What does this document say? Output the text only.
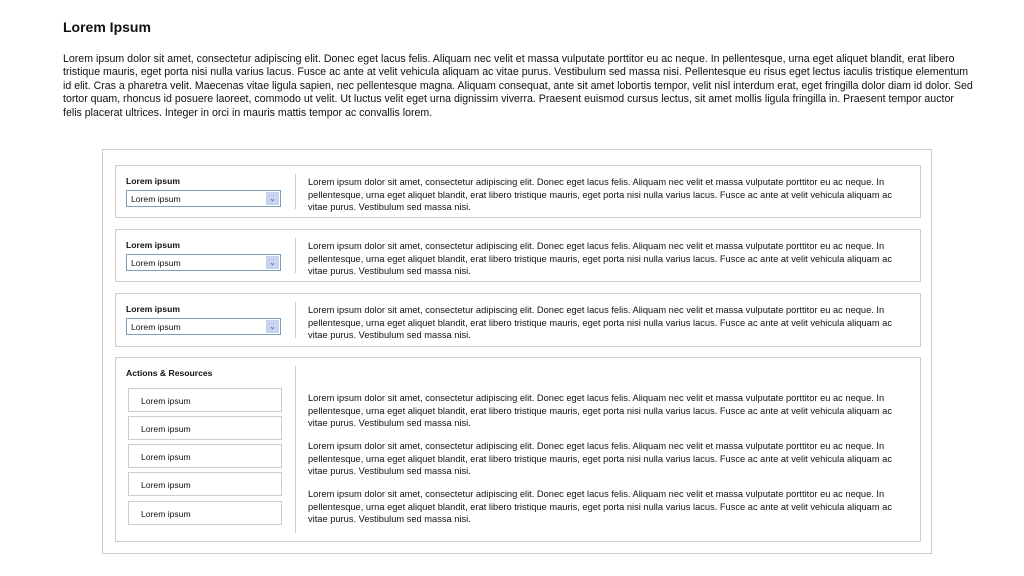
Lorem Ipsum
Lorem ipsum dolor sit amet, consectetur adipiscing elit. Donec eget lacus felis. Aliquam nec velit et massa vulputate porttitor eu ac neque. In pellentesque, urna eget aliquet blandit, erat libero tristique mauris, eget porta nisi nulla varius lacus. Fusce ac ante at velit vehicula aliquam ac vitae purus. Vestibulum sed massa nisi. Pellentesque eu risus eget lectus iaculis tristique elementum id elit. Cras a pharetra velit. Maecenas vitae ligula sapien, nec pellentesque magna. Aliquam consequat, ante sit amet lobortis tempor, velit nisl interdum erat, eget fringilla dolor diam id dolor. Sed tortor quam, rhoncus id posuere laoreet, commodo ut velit. Ut luctus velit eget urna dignissim viverra. Praesent euismod cursus lectus, sit amet mollis ligula fringilla in. Praesent tempor auctor felis placerat ultrices. Integer in orci in mauris mattis tempor ac convallis lorem.
Lorem ipsum
Lorem ipsum	⌄
Lorem ipsum dolor sit amet, consectetur adipiscing elit. Donec eget lacus felis. Aliquam nec velit et massa vulputate porttitor eu ac neque. In pellentesque, urna eget aliquet blandit, erat libero tristique mauris, eget porta nisi nulla varius lacus. Fusce ac ante at velit vehicula aliquam ac vitae purus. Vestibulum sed massa nisi.
Lorem ipsum
Lorem ipsum	⌄
Lorem ipsum dolor sit amet, consectetur adipiscing elit. Donec eget lacus felis. Aliquam nec velit et massa vulputate porttitor eu ac neque. In pellentesque, urna eget aliquet blandit, erat libero tristique mauris, eget porta nisi nulla varius lacus. Fusce ac ante at velit vehicula aliquam ac vitae purus. Vestibulum sed massa nisi.
Lorem ipsum
Lorem ipsum	⌄
Lorem ipsum dolor sit amet, consectetur adipiscing elit. Donec eget lacus felis. Aliquam nec velit et massa vulputate porttitor eu ac neque. In pellentesque, urna eget aliquet blandit, erat libero tristique mauris, eget porta nisi nulla varius lacus. Fusce ac ante at velit vehicula aliquam ac vitae purus. Vestibulum sed massa nisi.
Actions & Resources
Lorem ipsum
Lorem ipsum
Lorem ipsum
Lorem ipsum
Lorem ipsum
Lorem ipsum dolor sit amet, consectetur adipiscing elit. Donec eget lacus felis. Aliquam nec velit et massa vulputate porttitor eu ac neque. In pellentesque, urna eget aliquet blandit, erat libero tristique mauris, eget porta nisi nulla varius lacus. Fusce ac ante at velit vehicula aliquam ac vitae purus. Vestibulum sed massa nisi.
Lorem ipsum dolor sit amet, consectetur adipiscing elit. Donec eget lacus felis. Aliquam nec velit et massa vulputate porttitor eu ac neque. In pellentesque, urna eget aliquet blandit, erat libero tristique mauris, eget porta nisi nulla varius lacus. Fusce ac ante at velit vehicula aliquam ac vitae purus. Vestibulum sed massa nisi.
Lorem ipsum dolor sit amet, consectetur adipiscing elit. Donec eget lacus felis. Aliquam nec velit et massa vulputate porttitor eu ac neque. In pellentesque, urna eget aliquet blandit, erat libero tristique mauris, eget porta nisi nulla varius lacus. Fusce ac ante at velit vehicula aliquam ac vitae purus. Vestibulum sed massa nisi.
